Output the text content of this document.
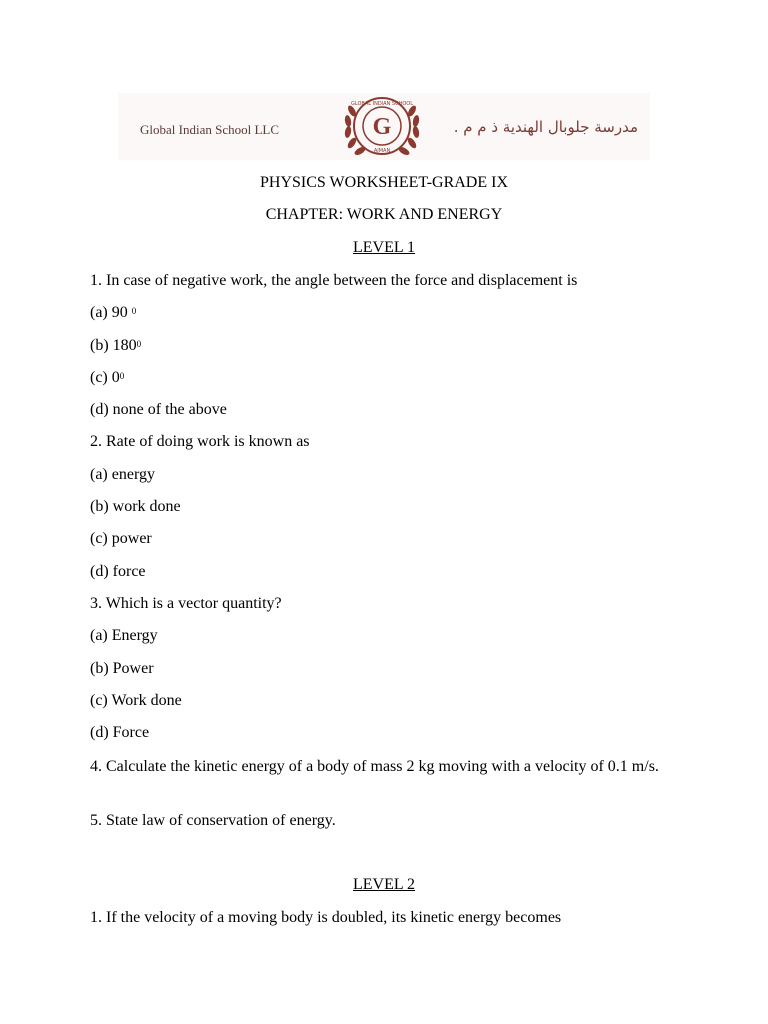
Global Indian School LLC	G
GLOBAL INDIAN SCHOOL
AJMAN
مدرسة جلوبال الهندية ذ م م .
PHYSICS WORKSHEET-GRADE IX
CHAPTER: WORK AND ENERGY
LEVEL 1
1. In case of negative work, the angle between the force and displacement is
(a) 90 $^0$
(b) $180^0$
(c) $0^0$
(d) none of the above
2. Rate of doing work is known as
(a) energy
(b) work done
(c) power
(d) force
3. Which is a vector quantity?
(a) Energy
(b) Power
(c) Work done
(d) Force
4. Calculate the kinetic energy of a body of mass 2 kg moving with a velocity of 0.1 m/s.
5. State law of conservation of energy.
LEVEL 2
1. If the velocity of a moving body is doubled, its kinetic energy becomes
